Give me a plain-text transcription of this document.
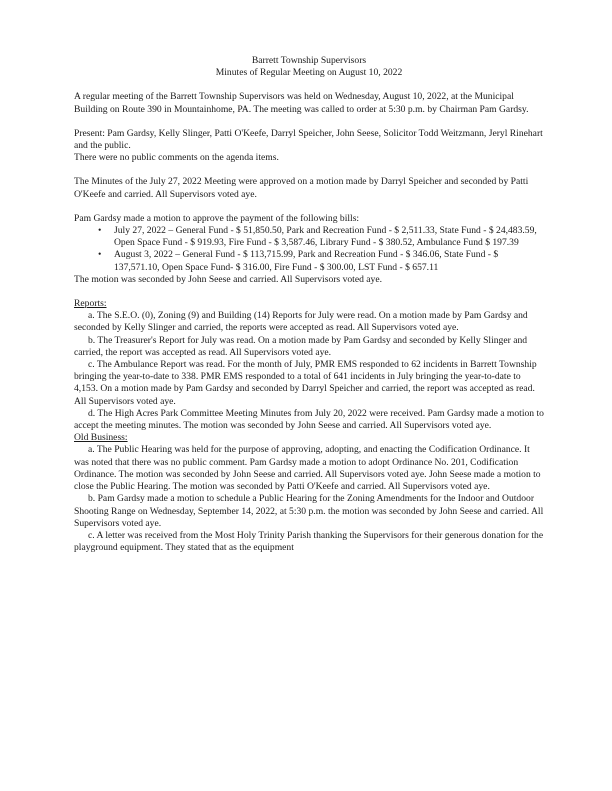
Barrett Township Supervisors

Minutes of Regular Meeting on August 10, 2022

A regular meeting of the Barrett Township Supervisors was held on Wednesday, August 10, 2022, at the Municipal Building on Route 390 in Mountainhome, PA. The meeting was called to order at 5:30 p.m. by Chairman Pam Gardsy.

Present: Pam Gardsy, Kelly Slinger, Patti O'Keefe, Darryl Speicher, John Seese, Solicitor Todd Weitzmann, Jeryl Rinehart and the public.

There were no public comments on the agenda items.

The Minutes of the July 27, 2022 Meeting were approved on a motion made by Darryl Speicher and seconded by Patti O'Keefe and carried. All Supervisors voted aye.

Pam Gardsy made a motion to approve the payment of the following bills:

• July 27, 2022 – General Fund - $ 51,850.50, Park and Recreation Fund - $ 2,511.33, State Fund - $ 24,483.59, Open Space Fund - $ 919.93, Fire Fund - $ 3,587.46, Library Fund - $ 380.52, Ambulance Fund $ 197.39
• August 3, 2022 – General Fund - $ 113,715.99, Park and Recreation Fund - $ 346.06, State Fund - $ 137,571.10, Open Space Fund- $ 316.00, Fire Fund - $ 300.00, LST Fund - $ 657.11

The motion was seconded by John Seese and carried. All Supervisors voted aye.

Reports:

a. The S.E.O. (0), Zoning (9) and Building (14) Reports for July were read. On a motion made by Pam Gardsy and seconded by Kelly Slinger and carried, the reports were accepted as read. All Supervisors voted aye.

b. The Treasurer's Report for July was read. On a motion made by Pam Gardsy and seconded by Kelly Slinger and carried, the report was accepted as read. All Supervisors voted aye.

c. The Ambulance Report was read. For the month of July, PMR EMS responded to 62 incidents in Barrett Township bringing the year-to-date to 338. PMR EMS responded to a total of 641 incidents in July bringing the year-to-date to 4,153. On a motion made by Pam Gardsy and seconded by Darryl Speicher and carried, the report was accepted as read. All Supervisors voted aye.

d. The High Acres Park Committee Meeting Minutes from July 20, 2022 were received. Pam Gardsy made a motion to accept the meeting minutes. The motion was seconded by John Seese and carried. All Supervisors voted aye.

Old Business:

a. The Public Hearing was held for the purpose of approving, adopting, and enacting the Codification Ordinance. It was noted that there was no public comment. Pam Gardsy made a motion to adopt Ordinance No. 201, Codification Ordinance. The motion was seconded by John Seese and carried. All Supervisors voted aye. John Seese made a motion to close the Public Hearing. The motion was seconded by Patti O'Keefe and carried. All Supervisors voted aye.

b. Pam Gardsy made a motion to schedule a Public Hearing for the Zoning Amendments for the Indoor and Outdoor Shooting Range on Wednesday, September 14, 2022, at 5:30 p.m. the motion was seconded by John Seese and carried. All Supervisors voted aye.

c. A letter was received from the Most Holy Trinity Parish thanking the Supervisors for their generous donation for the playground equipment. They stated that as the equipment
